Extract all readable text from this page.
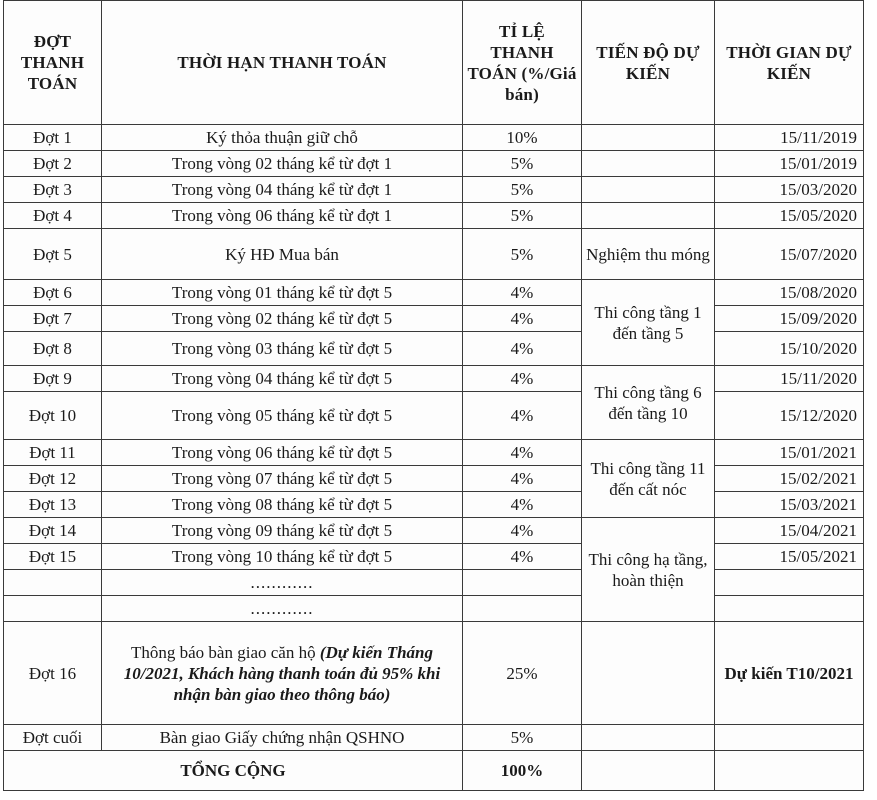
ĐỢT THANH TOÁN	THỜI HẠN THANH TOÁN	TỈ LỆ THANH TOÁN (%/Giá bán)	TIẾN ĐỘ DỰ KIẾN	THỜI GIAN DỰ KIẾN
Đợt 1	Ký thỏa thuận giữ chỗ	10%		15/11/2019
Đợt 2	Trong vòng 02 tháng kể từ đợt 1	5%		15/01/2019
Đợt 3	Trong vòng 04 tháng kể từ đợt 1	5%		15/03/2020
Đợt 4	Trong vòng 06 tháng kể từ đợt 1	5%		15/05/2020
Đợt 5	Ký HĐ Mua bán	5%	Nghiệm thu móng	15/07/2020
Đợt 6	Trong vòng 01 tháng kể từ đợt 5	4%	Thi công tầng 1 đến tầng 5	15/08/2020
Đợt 7	Trong vòng 02 tháng kể từ đợt 5	4%		15/09/2020
Đợt 8	Trong vòng 03 tháng kể từ đợt 5	4%		15/10/2020
Đợt 9	Trong vòng 04 tháng kể từ đợt 5	4%	Thi công tầng 6 đến tầng 10	15/11/2020
Đợt 10	Trong vòng 05 tháng kể từ đợt 5	4%		15/12/2020
Đợt 11	Trong vòng 06 tháng kể từ đợt 5	4%	Thi công tầng 11 đến cất nóc	15/01/2021
Đợt 12	Trong vòng 07 tháng kể từ đợt 5	4%		15/02/2021
Đợt 13	Trong vòng 08 tháng kể từ đợt 5	4%		15/03/2021
Đợt 14	Trong vòng 09 tháng kể từ đợt 5	4%	Thi công hạ tầng, hoàn thiện	15/04/2021
Đợt 15	Trong vòng 10 tháng kể từ đợt 5	4%		15/05/2021
	............			
	............			
Đợt 16	Thông báo bàn giao căn hộ (Dự kiến Tháng 10/2021, Khách hàng thanh toán đủ 95% khi nhận bàn giao theo thông báo)	25%		Dự kiến T10/2021
Đợt cuối	Bàn giao Giấy chứng nhận QSHNO	5%		
TỔNG CỘNG		100%		
